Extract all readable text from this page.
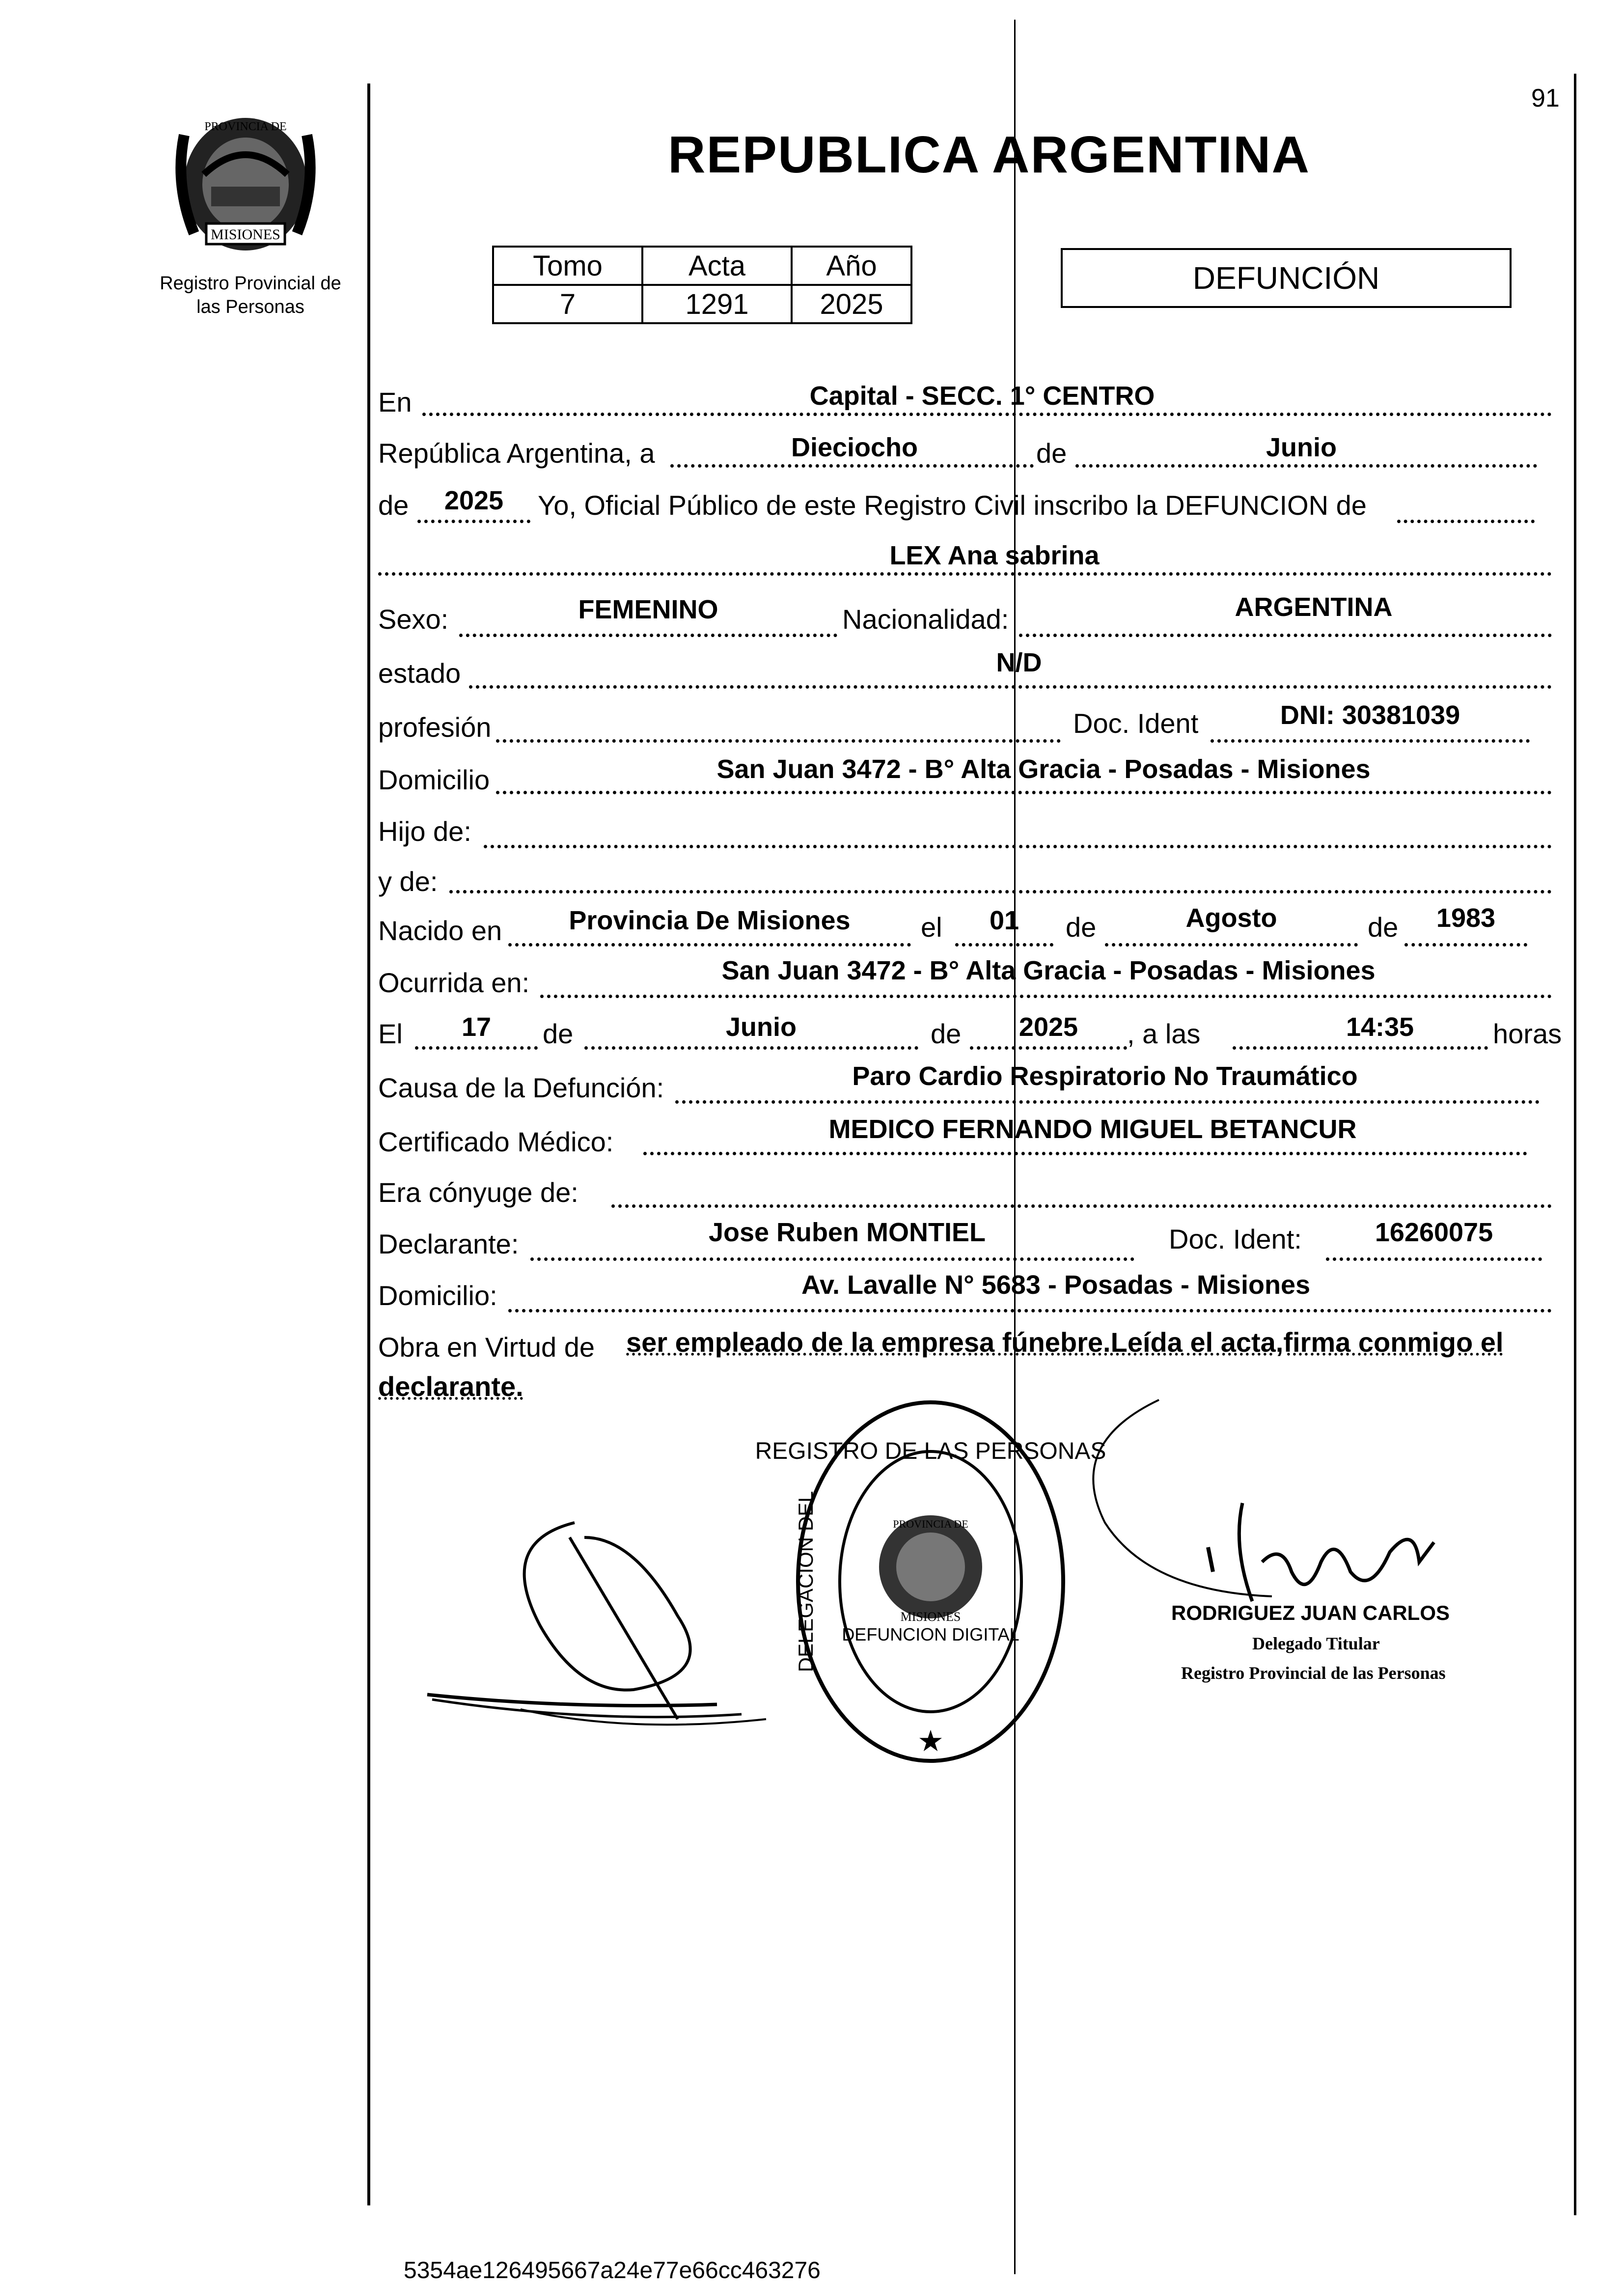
MISIONES
PROVINCIA DE
Registro Provincial de
las Personas
91
REPUBLICA ARGENTINA
Tomo	Acta	Año
7	1291	2025
DEFUNCIÓN
En	Capital - SECC. 1° CENTRO
República Argentina, a	Dieciocho	de	Junio
de	2025	Yo, Oficial Público de este Registro Civil inscribo la DEFUNCION de
LEX Ana sabrina
Sexo:	FEMENINO	Nacionalidad:	ARGENTINA
estado	N/D
profesión	Doc. Ident	DNI: 30381039
Domicilio	San Juan 3472 - B° Alta Gracia - Posadas - Misiones
Hijo de:
y de:
Nacido en	Provincia De Misiones	el	01	de	Agosto	de	1983
Ocurrida en:	San Juan 3472 - B° Alta Gracia - Posadas - Misiones
El	17	de	Junio	de	2025	, a las	14:35	horas
Causa de la Defunción:	Paro Cardio Respiratorio No Traumático
Certificado Médico:	MEDICO FERNANDO MIGUEL BETANCUR
Era cónyuge de:
Declarante:	Jose Ruben MONTIEL	Doc. Ident:	16260075
Domicilio:	Av. Lavalle N° 5683 - Posadas - Misiones
Obra en Virtud de ser empleado de la empresa fúnebre.Leída el acta,firma conmigo el
declarante.
REGISTRO DE LAS PERSONAS
DEFUNCION DIGITAL
MISIONES
PROVINCIA DE
DELEGACION DEL
★
RODRIGUEZ JUAN CARLOS
Delegado Titular
Registro Provincial de las Personas
5354ae126495667a24e77e66cc463276
